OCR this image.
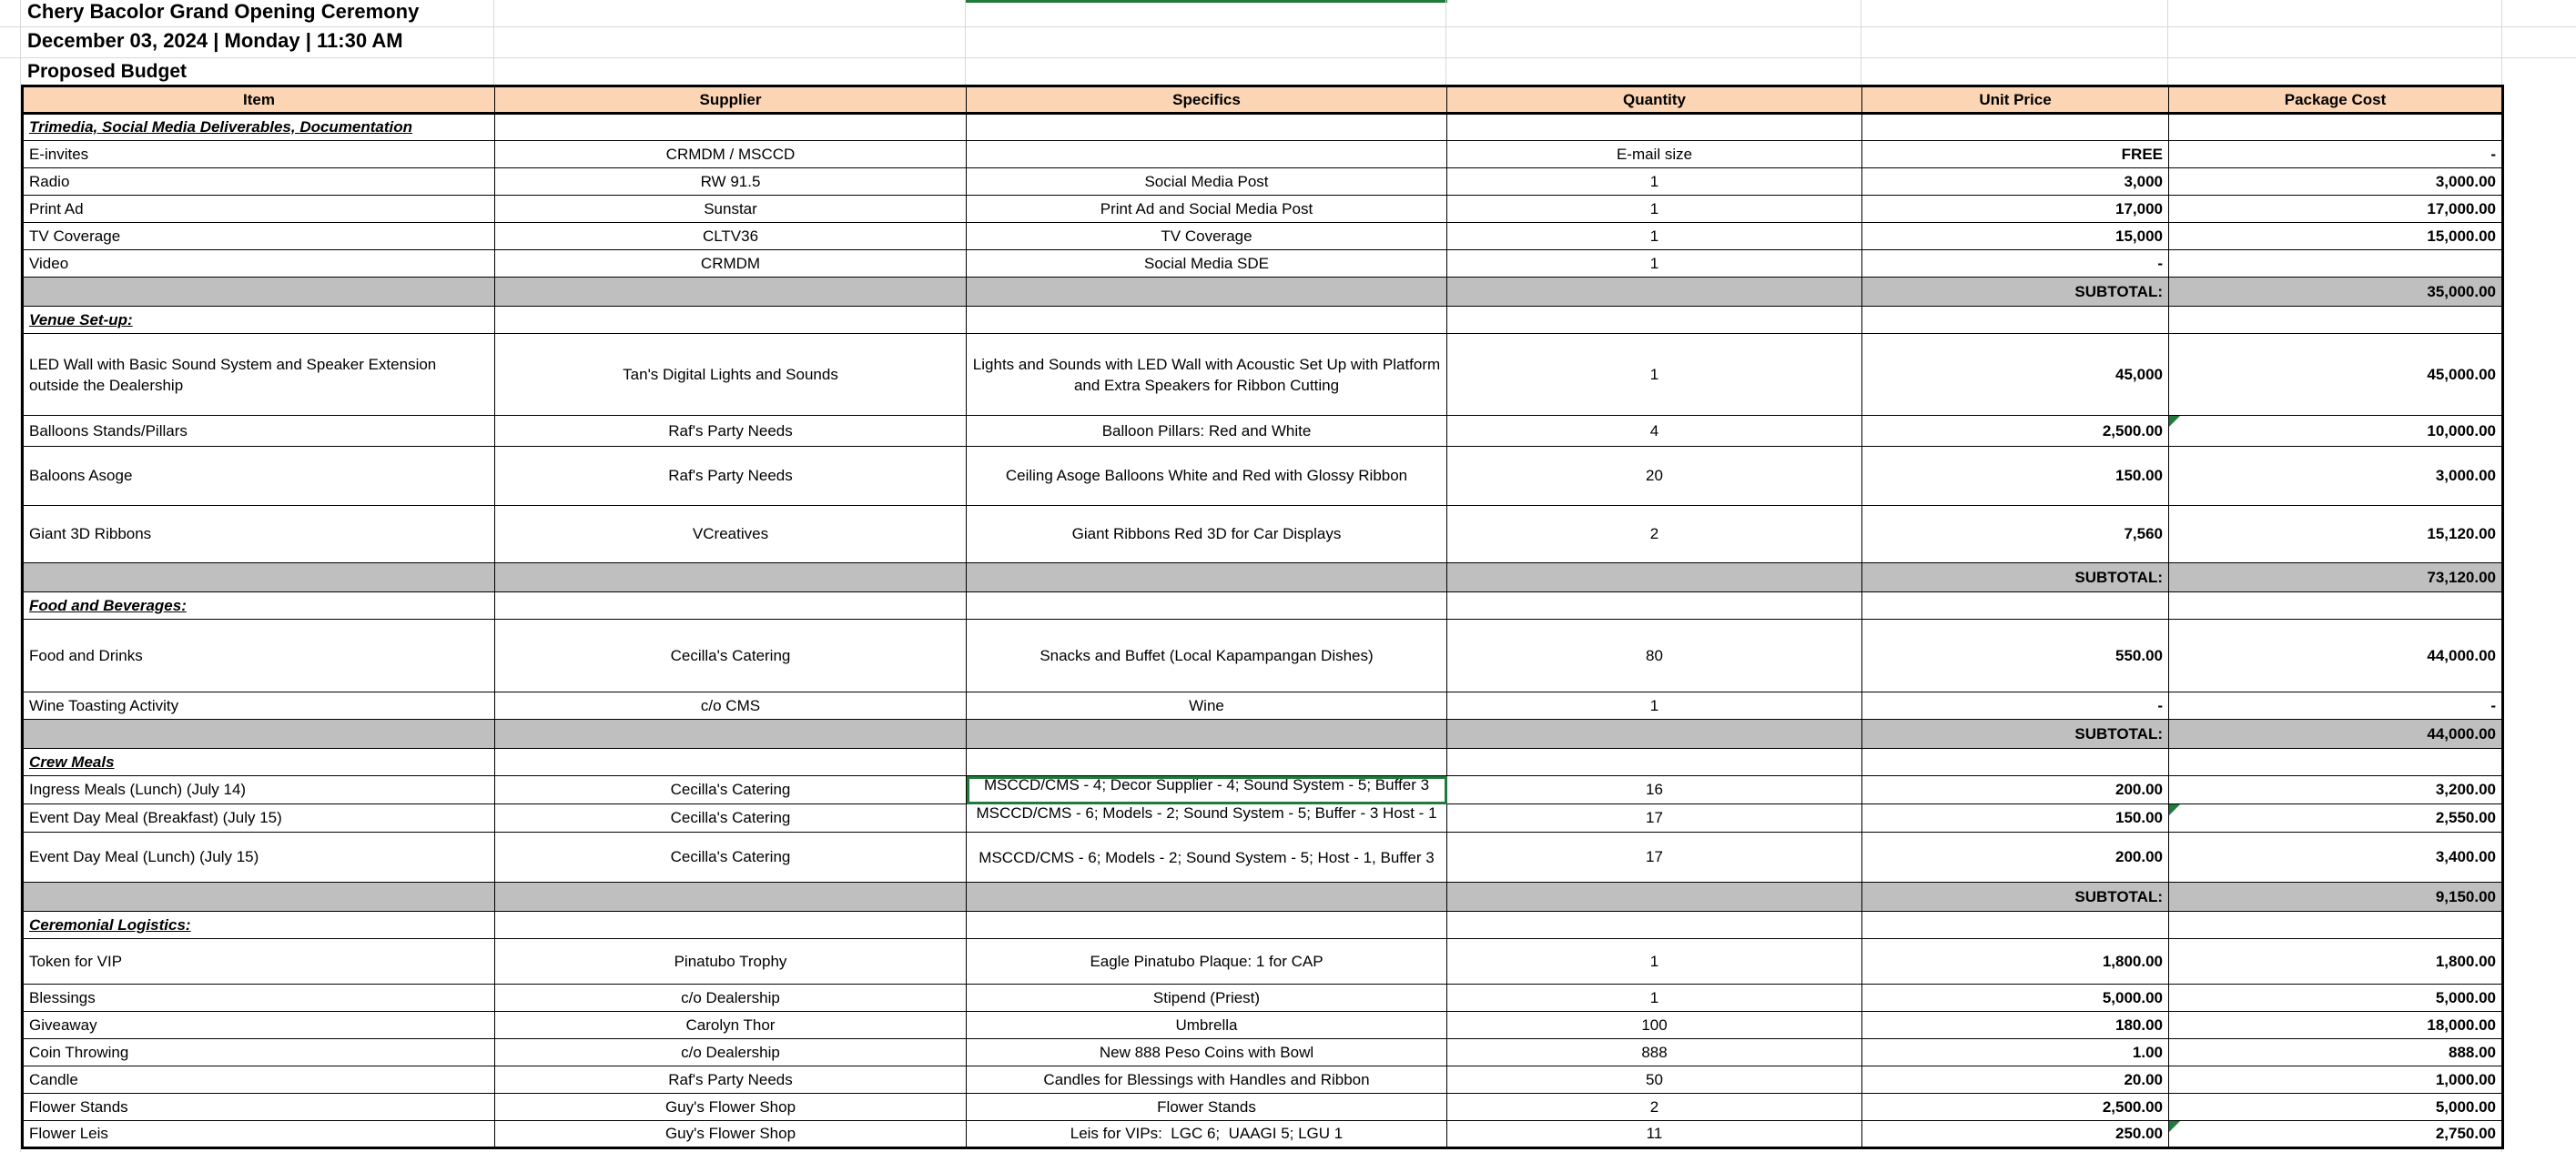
Chery Bacolor Grand Opening Ceremony
December 03, 2024 | Monday | 11:30 AM
Proposed Budget
Item	Supplier	Specifics	Quantity	Unit Price	Package Cost
Trimedia, Social Media Deliverables, Documentation					
E-invites	CRMDM / MSCCD		E-mail size	FREE	-
Radio	RW 91.5	Social Media Post	1	3,000	3,000.00
Print Ad	Sunstar	Print Ad and Social Media Post	1	17,000	17,000.00
TV Coverage	CLTV36	TV Coverage	1	15,000	15,000.00
Video	CRMDM	Social Media SDE	1	-	
				SUBTOTAL:	35,000.00
Venue Set-up:					
LED Wall with Basic Sound System and Speaker Extension outside the Dealership	Tan's Digital Lights and Sounds	Lights and Sounds with LED Wall with Acoustic Set Up with Platform and Extra Speakers for Ribbon Cutting	1	45,000	45,000.00
Balloons Stands/Pillars	Raf's Party Needs	Balloon Pillars: Red and White	4	2,500.00	10,000.00
Baloons Asoge	Raf's Party Needs	Ceiling Asoge Balloons White and Red with Glossy Ribbon	20	150.00	3,000.00
Giant 3D Ribbons	VCreatives	Giant Ribbons Red 3D for Car Displays	2	7,560	15,120.00
				SUBTOTAL:	73,120.00
Food and Beverages:					
Food and Drinks	Cecilla's Catering	Snacks and Buffet (Local Kapampangan Dishes)	80	550.00	44,000.00
Wine Toasting Activity	c/o CMS	Wine	1	-	-
				SUBTOTAL:	44,000.00
Crew Meals					
Ingress Meals (Lunch) (July 14)	Cecilla's Catering	MSCCD/CMS - 4; Decor Supplier - 4; Sound System - 5; Buffer 3	16	200.00	3,200.00
Event Day Meal (Breakfast) (July 15)	Cecilla's Catering	MSCCD/CMS - 6; Models - 2; Sound System - 5; Buffer - 3 Host - 1	17	150.00	2,550.00
Event Day Meal (Lunch) (July 15)	Cecilla's Catering	MSCCD/CMS - 6; Models - 2; Sound System - 5; Host - 1, Buffer 3	17	200.00	3,400.00
				SUBTOTAL:	9,150.00
Ceremonial Logistics:					
Token for VIP	Pinatubo Trophy	Eagle Pinatubo Plaque: 1 for CAP	1	1,800.00	1,800.00
Blessings	c/o Dealership	Stipend (Priest)	1	5,000.00	5,000.00
Giveaway	Carolyn Thor	Umbrella	100	180.00	18,000.00
Coin Throwing	c/o Dealership	New 888 Peso Coins with Bowl	888	1.00	888.00
Candle	Raf's Party Needs	Candles for Blessings with Handles and Ribbon	50	20.00	1,000.00
Flower Stands	Guy's Flower Shop	Flower Stands	2	2,500.00	5,000.00
Flower Leis	Guy's Flower Shop	Leis for VIPs:  LGC 6;  UAAGI 5; LGU 1	11	250.00	2,750.00
